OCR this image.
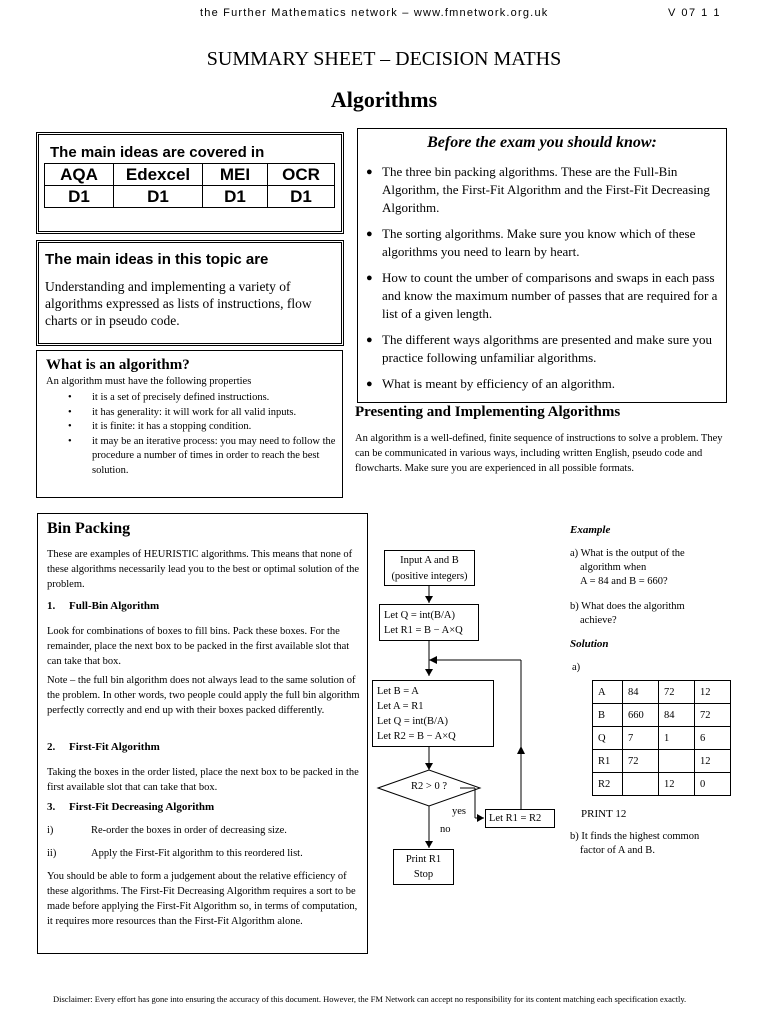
the Further Mathematics network – www.fmnetwork.org.uk	V 07 1 1
SUMMARY SHEET – DECISION MATHS
Algorithms
The main ideas are covered in
AQA	Edexcel	MEI	OCR
D1	D1	D1	D1
The main ideas in this topic are
Understanding and implementing a variety of algorithms expressed as lists of instructions, flow charts or in pseudo code.
What is an algorithm?
An algorithm must have the following properties
• it is a set of precisely defined instructions.
• it has generality: it will work for all valid inputs.
• it is finite: it has a stopping condition.
• it may be an iterative process: you may need to follow the procedure a number of times in order to reach the best solution.
Before the exam you should know:
● The three bin packing algorithms. These are the Full-Bin Algorithm, the First-Fit Algorithm and the First-Fit Decreasing Algorithm.
● The sorting algorithms. Make sure you know which of these algorithms you need to learn by heart.
● How to count the umber of comparisons and swaps in each pass and know the maximum number of passes that are required for a list of a given length.
● The different ways algorithms are presented and make sure you practice following unfamiliar algorithms.
● What is meant by efficiency of an algorithm.
Presenting and Implementing Algorithms
An algorithm is a well-defined, finite sequence of instructions to solve a problem. They can be communicated in various ways, including written English, pseudo code and flowcharts. Make sure you are experienced in all possible formats.
Bin Packing
These are examples of HEURISTIC algorithms. This means that none of these algorithms necessarily lead you to the best or optimal solution of the problem.
1. Full-Bin Algorithm
Look for combinations of boxes to fill bins. Pack these boxes. For the remainder, place the next box to be packed in the first available slot that can take that box.
Note – the full bin algorithm does not always lead to the same solution of the problem. In other words, two people could apply the full bin algorithm perfectly correctly and end up with their boxes packed differently.
2. First-Fit Algorithm
Taking the boxes in the order listed, place the next box to be packed in the first available slot that can take that box.
3. First-Fit Decreasing Algorithm
i)	Re-order the boxes in order of decreasing size.
ii)	Apply the First-Fit algorithm to this reordered list.
You should be able to form a judgement about the relative efficiency of these algorithms. The First-Fit Decreasing Algorithm requires a sort to be made before applying the First-Fit Algorithm so, in terms of computation, it requires more resources than the First-Fit Algorithm alone.
Input A and B
(positive integers)
Let Q = int(B/A)
Let R1 = B − A×Q
Let B = A
Let A = R1
Let Q = int(B/A)
Let R2 = B − A×Q
R2 > 0 ?
yes
no
Let R1 = R2
Print R1
Stop
Example
a) What is the output of the
algorithm when
A = 84 and B = 660?
b) What does the algorithm
achieve?
Solution
a)
A	84	72	12
B	660	84	72
Q	7	1	6
R1	72		12
R2		12	0
PRINT 12
b) It finds the highest common
factor of A and B.
Disclaimer: Every effort has gone into ensuring the accuracy of this document. However, the FM Network can accept no responsibility for its content matching each specification exactly.
